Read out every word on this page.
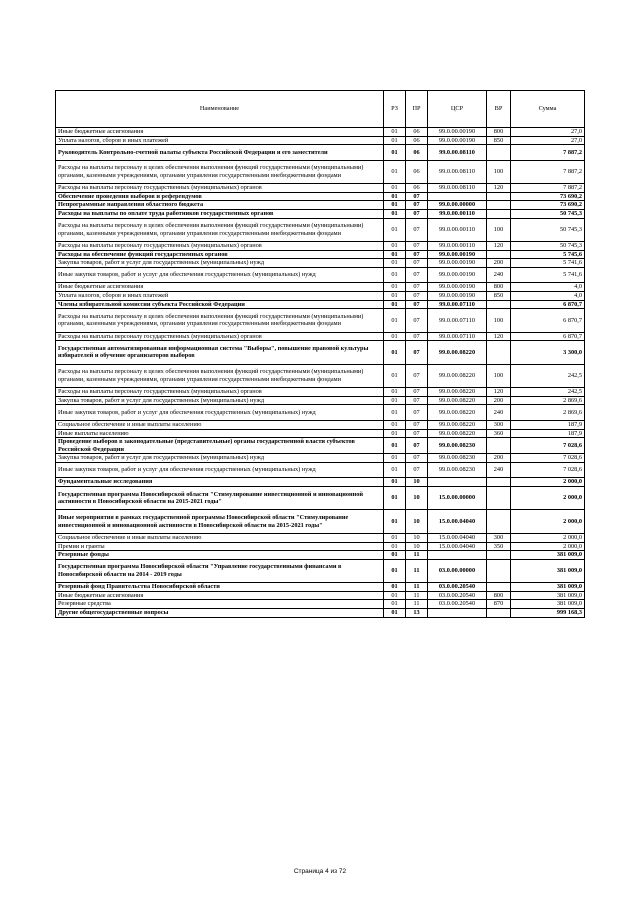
Наименование	РЗ	ПР	ЦСР	ВР	Сумма
Иные бюджетные ассигнования	01	06	99.0.00.00190	800	27,0
Уплата налогов, сборов и иных платежей	01	06	99.0.00.00190	850	27,0
Руководитель Контрольно-счетной палаты субъекта Российской Федерации и его заместители	01	06	99.0.00.08110		7 887,2
Расходы на выплаты персоналу в целях обеспечения выполнения функций государственными (муниципальными) органами, казенными учреждениями, органами управления государственными внебюджетными фондами	01	06	99.0.00.08110	100	7 887,2
Расходы на выплаты персоналу государственных (муниципальных) органов	01	06	99.0.00.08110	120	7 887,2
Обеспечение проведения выборов и референдумов	01	07			73 690,2
Непрограммные направления областного бюджета	01	07	99.0.00.00000		73 690,2
Расходы на выплаты по оплате труда работников государственных органов	01	07	99.0.00.00110		50 745,3
Расходы на выплаты персоналу в целях обеспечения выполнения функций государственными (муниципальными) органами, казенными учреждениями, органами управления государственными внебюджетными фондами	01	07	99.0.00.00110	100	50 745,3
Расходы на выплаты персоналу государственных (муниципальных) органов	01	07	99.0.00.00110	120	50 745,3
Расходы на обеспечение функций государственных органов	01	07	99.0.00.00190		5 745,6
Закупка товаров, работ и услуг для государственных (муниципальных) нужд	01	07	99.0.00.00190	200	5 741,6
Иные закупки товаров, работ и услуг для обеспечения государственных (муниципальных) нужд	01	07	99.0.00.00190	240	5 741,6
Иные бюджетные ассигнования	01	07	99.0.00.00190	800	4,0
Уплата налогов, сборов и иных платежей	01	07	99.0.00.00190	850	4,0
Члены избирательной комиссии субъекта Российской Федерации	01	07	99.0.00.07110		6 870,7
Расходы на выплаты персоналу в целях обеспечения выполнения функций государственными (муниципальными) органами, казенными учреждениями, органами управления государственными внебюджетными фондами	01	07	99.0.00.07110	100	6 870,7
Расходы на выплаты персоналу государственных (муниципальных) органов	01	07	99.0.00.07110	120	6 870,7
Государственная автоматизированная информационная система "Выборы", повышение правовой культуры избирателей и обучение организаторов выборов	01	07	99.0.00.08220		3 300,0
Расходы на выплаты персоналу в целях обеспечения выполнения функций государственными (муниципальными) органами, казенными учреждениями, органами управления государственными внебюджетными фондами	01	07	99.0.00.08220	100	242,5
Расходы на выплаты персоналу государственных (муниципальных) органов	01	07	99.0.00.08220	120	242,5
Закупка товаров, работ и услуг для государственных (муниципальных) нужд	01	07	99.0.00.08220	200	2 869,6
Иные закупки товаров, работ и услуг для обеспечения государственных (муниципальных) нужд	01	07	99.0.00.08220	240	2 869,6
Социальное обеспечение и иные выплаты населению	01	07	99.0.00.08220	300	187,9
Иные выплаты населению	01	07	99.0.00.08220	360	187,9
Проведение выборов в законодательные (представительные) органы государственной власти субъектов Российской Федерации	01	07	99.0.00.08230		7 028,6
Закупка товаров, работ и услуг для государственных (муниципальных) нужд	01	07	99.0.00.08230	200	7 028,6
Иные закупки товаров, работ и услуг для обеспечения государственных (муниципальных) нужд	01	07	99.0.00.08230	240	7 028,6
Фундаментальные исследования	01	10			2 000,0
Государственная программа Новосибирской области "Стимулирование инвестиционной и инновационной активности в Новосибирской области на 2015-2021 годы"	01	10	15.0.00.00000		2 000,0
Иные мероприятия в рамках государственной программы Новосибирской области "Стимулирование инвестиционной и инновационной активности в Новосибирской области на 2015-2021 годы"	01	10	15.0.00.04040		2 000,0
Социальное обеспечение и иные выплаты населению	01	10	15.0.00.04040	300	2 000,0
Премии и гранты	01	10	15.0.00.04040	350	2 000,0
Резервные фонды	01	11			381 009,0
Государственная программа Новосибирской области "Управление государственными финансами в Новосибирской области на 2014 - 2019 годы	01	11	03.0.00.00000		381 009,0
Резервный фонд Правительства Новосибирской области	01	11	03.0.00.20540		381 009,0
Иные бюджетные ассигнования	01	11	03.0.00.20540	800	381 009,0
Резервные средства	01	11	03.0.00.20540	870	381 009,0
Другие общегосударственные вопросы	01	13			999 168,3
Страница 4 из 72
